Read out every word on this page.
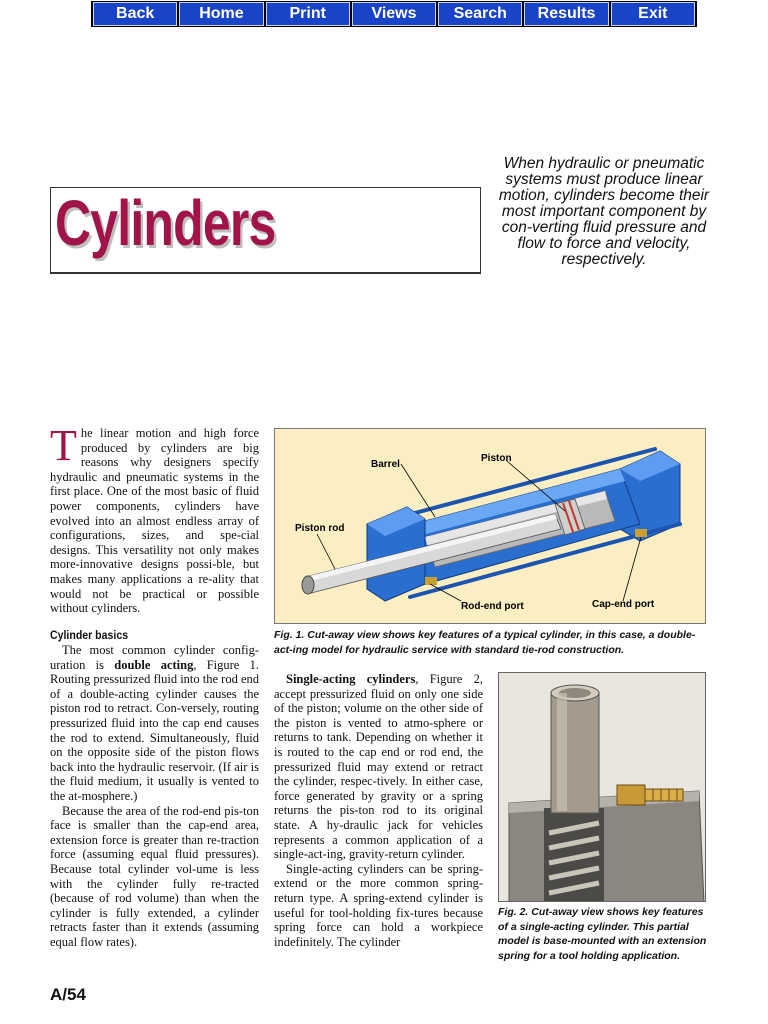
Back	Home	Print	Views	Search	Results	Exit
Cylinders
When hydraulic or pneumatic systems must produce linear motion, cylinders become their most important component by con-verting fluid pressure and flow to force and velocity, respectively.

The linear motion and high force produced by cylinders are big reasons why designers specify hydraulic and pneumatic systems in the first place. One of the most basic of fluid power components, cylinders have evolved into an almost endless array of configurations, sizes, and spe-cial designs. This versatility not only makes more-innovative designs possi-ble, but makes many applications a re-ality that would not be practical or possible without cylinders.

Cylinder basics

The most common cylinder config-uration is double acting, Figure 1. Routing pressurized fluid into the rod end of a double-acting cylinder causes the piston rod to retract. Con-versely, routing pressurized fluid into the cap end causes the rod to extend. Simultaneously, fluid on the opposite side of the piston flows back into the hydraulic reservoir. (If air is the fluid medium, it usually is vented to the at-mosphere.)

Because the area of the rod-end pis-ton face is smaller than the cap-end area, extension force is greater than re-traction force (assuming equal fluid pressures). Because total cylinder vol-ume is less with the cylinder fully re-tracted (because of rod volume) than when the cylinder is fully extended, a cylinder retracts faster than it extends (assuming equal flow rates).

Single-acting cylinders, Figure 2, accept pressurized fluid on only one side of the piston; volume on the other side of the piston is vented to atmo-sphere or returns to tank. Depending on whether it is routed to the cap end or rod end, the pressurized fluid may extend or retract the cylinder, respec-tively. In either case, force generated by gravity or a spring returns the pis-ton rod to its original state. A hy-draulic jack for vehicles represents a common application of a single-act-ing, gravity-return cylinder.

Single-acting cylinders can be spring-extend or the more common spring-return type. A spring-extend cylinder is useful for tool-holding fix-tures because spring force can hold a workpiece indefinitely. The cylinder

Barrel
Piston
Piston rod
Rod-end port	Cap-end port
Fig. 1. Cut-away view shows key features of a typical cylinder, in this case, a double-act-ing model for hydraulic service with standard tie-rod construction.
Fig. 2. Cut-away view shows key features of a single-acting cylinder. This partial model is base-mounted with an extension spring for a tool holding application.
A/54
